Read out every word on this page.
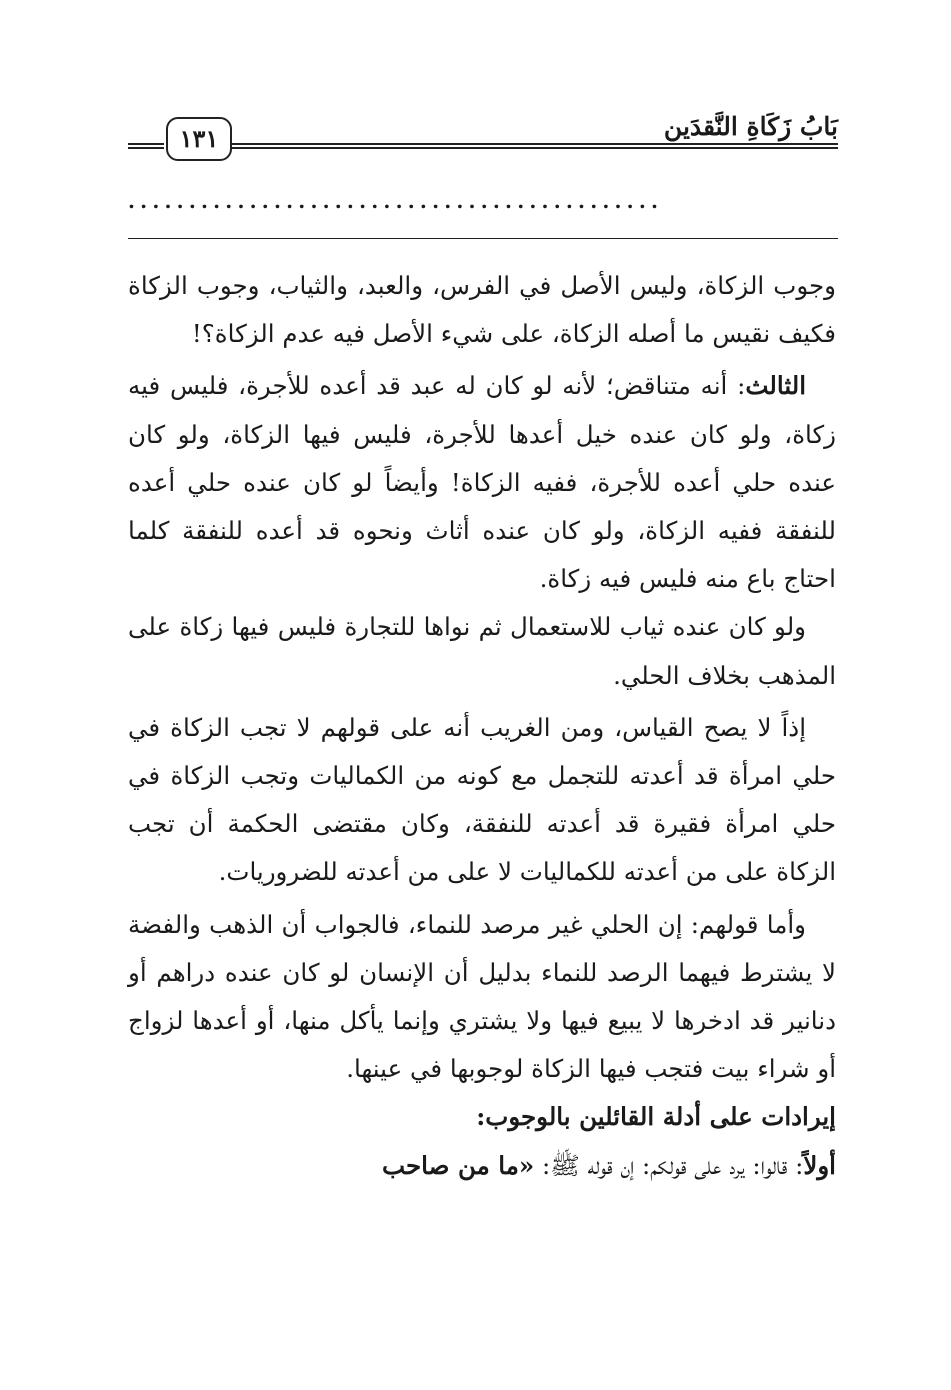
بَابُ زَكَاةِ النَّقدَين
١٣١
............................................

وجوب الزكاة، وليس الأصل في الفرس، والعبد، والثياب، وجوب الزكاة فكيف نقيس ما أصله الزكاة، على شيء الأصل فيه عدم الزكاة؟!

الثالث: أنه متناقض؛ لأنه لو كان له عبد قد أعده للأجرة، فليس فيه زكاة، ولو كان عنده خيل أعدها للأجرة، فليس فيها الزكاة، ولو كان عنده حلي أعده للأجرة، ففيه الزكاة! وأيضاً لو كان عنده حلي أعده للنفقة ففيه الزكاة، ولو كان عنده أثاث ونحوه قد أعده للنفقة كلما احتاج باع منه فليس فيه زكاة.

ولو كان عنده ثياب للاستعمال ثم نواها للتجارة فليس فيها زكاة على المذهب بخلاف الحلي.

إذاً لا يصح القياس، ومن الغريب أنه على قولهم لا تجب الزكاة في حلي امرأة قد أعدته للتجمل مع كونه من الكماليات وتجب الزكاة في حلي امرأة فقيرة قد أعدته للنفقة، وكان مقتضى الحكمة أن تجب الزكاة على من أعدته للكماليات لا على من أعدته للضروريات.

وأما قولهم: إن الحلي غير مرصد للنماء، فالجواب أن الذهب والفضة لا يشترط فيهما الرصد للنماء بدليل أن الإنسان لو كان عنده دراهم أو دنانير قد ادخرها لا يبيع فيها ولا يشتري وإنما يأكل منها، أو أعدها لزواج أو شراء بيت فتجب فيها الزكاة لوجوبها في عينها.

إيرادات على أدلة القائلين بالوجوب:

أولاً: قالوا: يرد على قولكم: إن قوله ﷺ: «ما من صاحب
